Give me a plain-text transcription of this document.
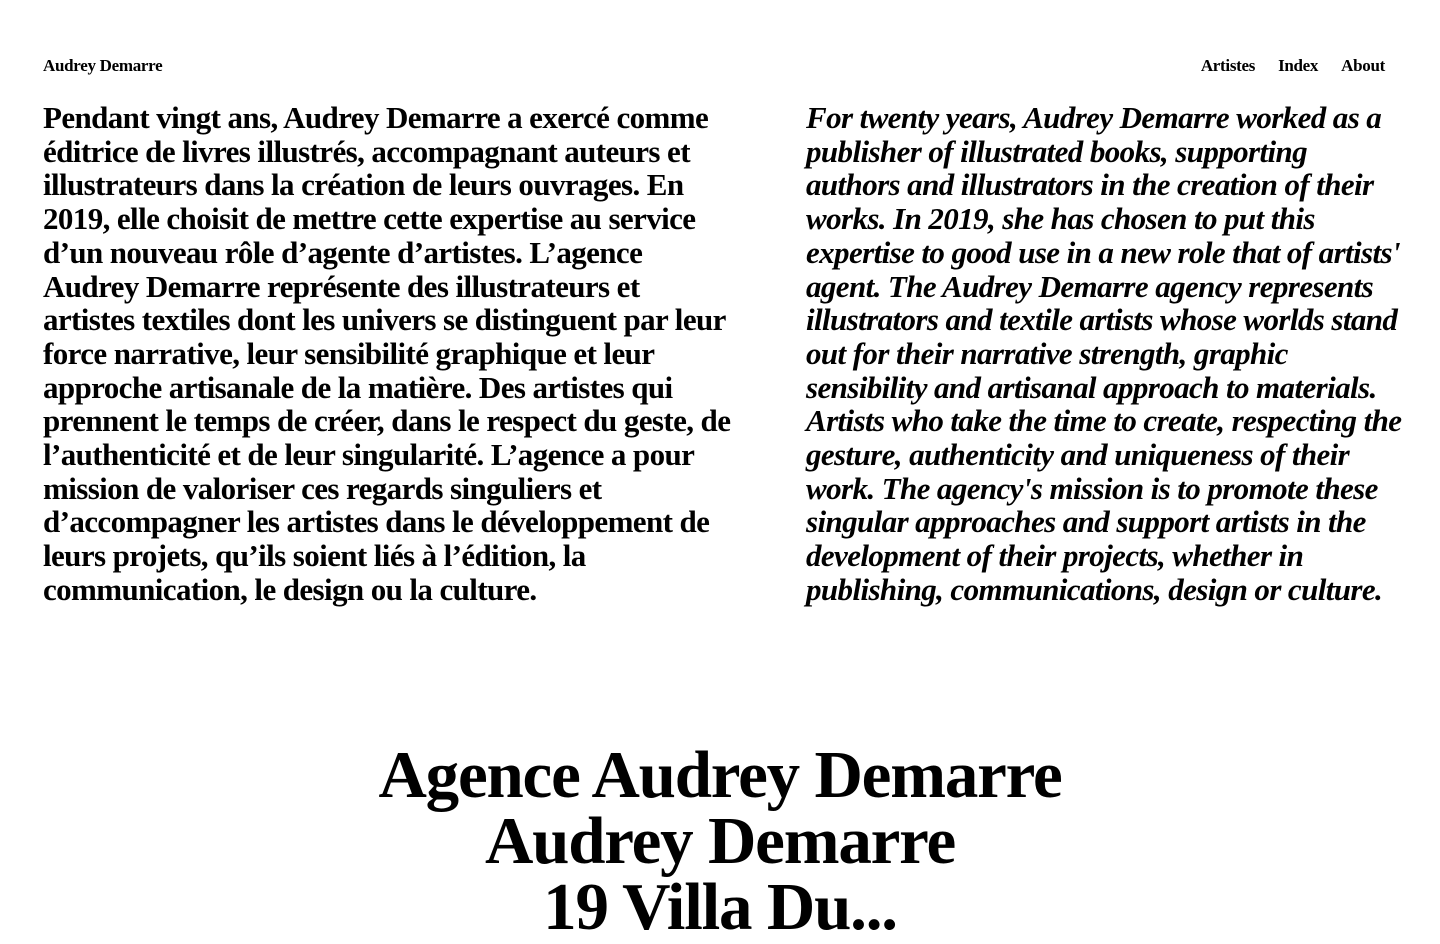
Audrey Demarre	Artistes Index About

Pendant vingt ans, Audrey Demarre a exercé comme éditrice de livres illustrés, accompagnant auteurs et illustrateurs dans la création de leurs ouvrages. En 2019, elle choisit de mettre cette expertise au service d’un nouveau rôle d’agente d’artistes. L’agence Audrey Demarre représente des illustrateurs et artistes textiles dont les univers se distinguent par leur force narrative, leur sensibilité graphique et leur approche artisanale de la matière. Des artistes qui prennent le temps de créer, dans le respect du geste, de l’authenticité et de leur singularité. L’agence a pour mission de valoriser ces regards singuliers et d’accompagner les artistes dans le développement de leurs projets, qu’ils soient liés à l’édition, la communication, le design ou la culture.

For twenty years, Audrey Demarre worked as a publisher of illustrated books, supporting authors and illustrators in the creation of their works. In 2019, she has chosen to put this expertise to good use in a new role that of artists' agent. The Audrey Demarre agency represents illustrators and textile artists whose worlds stand out for their narrative strength, graphic sensibility and artisanal approach to materials. Artists who take the time to create, respecting the gesture, authenticity and uniqueness of their work. The agency's mission is to promote these singular approaches and support artists in the development of their projects, whether in publishing, communications, design or culture.

Agence Audrey Demarre
Audrey Demarre
19 Villa Du...
